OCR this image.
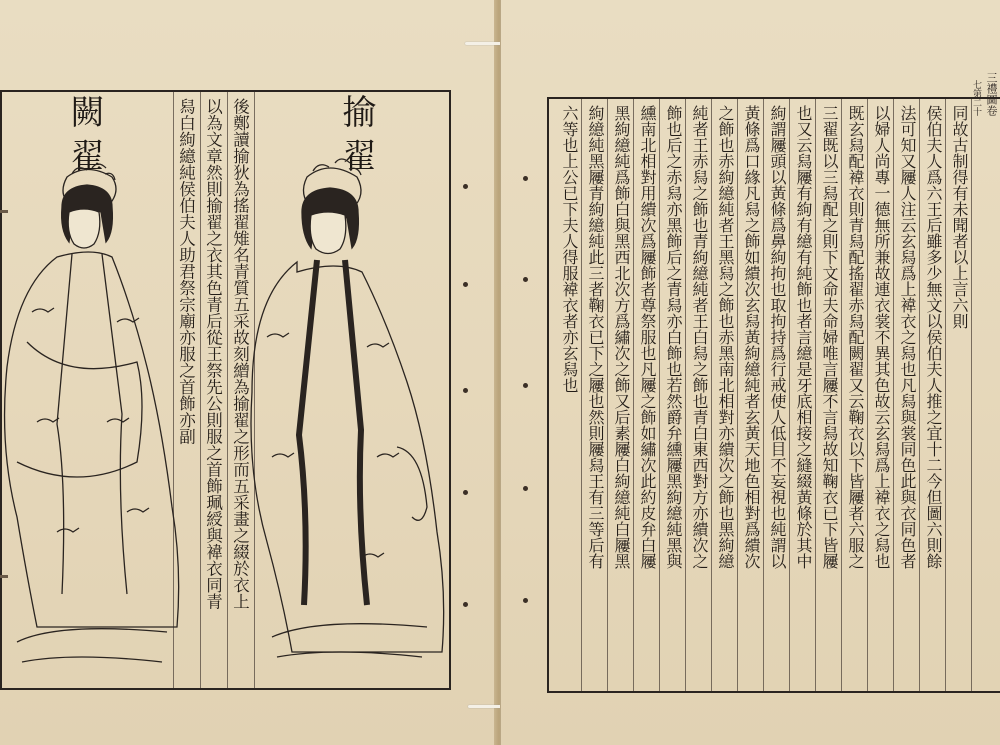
揄翟
闕翟	後鄭讀揄狄為搖翟雉名青質五采故刻繒為揄翟之形而五采畫之綴於衣上
以為文章然則揄翟之衣其色青后從王祭先公則服之首飾珮綬與褘衣同青
舄白絇繶純侯伯夫人助君祭宗廟亦服之首飾亦副	同故古制得有未聞者以上言六則
侯伯夫人爲六王后雖多少無文以侯伯夫人推之宜十二今但圖六則餘
法可知又屨人注云玄舄爲上褘衣之舄也凡舄與裳同色此與衣同色者
以婦人尚專一德無所兼故連衣裳不異其色故云玄舄爲上褘衣之舄也
既玄舄配褘衣則青舄配搖翟赤舄配闕翟又云鞠衣以下皆屨者六服之
三翟既以三舄配之則下文命夫命婦唯言屨不言舄故知鞠衣已下皆屨
也又云舄屨有絇有繶有純飾也者言繶是牙底相接之縫綴黃條於其中
絇謂屨頭以黃條爲鼻絇拘也取拘持爲行戒使人低目不妄視也純謂以
黃條爲口緣凡舄之飾如繢次玄舄黃絇繶純者玄黃天地色相對爲繢次
之飾也赤絇繶純者王黑舄之飾也赤黑南北相對亦繢次之飾也黑絇繶
純者王赤舄之飾也青絇繶純者王白舄之飾也青白東西對方亦繢次之
飾也后之赤舄亦黑飾后之青舄亦白飾也若然爵弁纁屨黑絇繶純黑與
纁南北相對用繢次爲屨飾者尊祭服也凡屨之飾如繡次此約皮弁白屨
黑絇繶純爲飾白與黑西北次方爲繡次之飾又后素屨白絇繶純白屨黑
絇繶純黑屨青絇繶純此三者鞠衣已下之屨也然則屨舄王有三等后有
六等也上公已下夫人得服褘衣者亦玄舄也
三禮圖卷
七第二十
